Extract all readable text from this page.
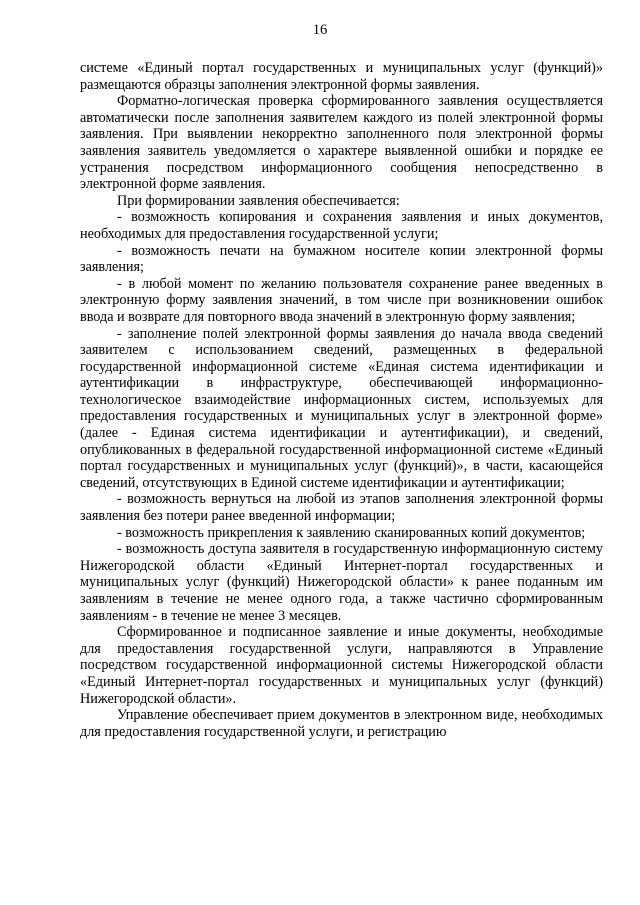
16

системе «Единый портал государственных и муниципальных услуг (функций)» размещаются образцы заполнения электронной формы заявления.

Форматно-логическая проверка сформированного заявления осуществляется автоматически после заполнения заявителем каждого из полей электронной формы заявления. При выявлении некорректно заполненного поля электронной формы заявления заявитель уведомляется о характере выявленной ошибки и порядке ее устранения посредством информационного сообщения непосредственно в электронной форме заявления.

При формировании заявления обеспечивается:

- возможность копирования и сохранения заявления и иных документов, необходимых для предоставления государственной услуги;

- возможность печати на бумажном носителе копии электронной формы заявления;

- в любой момент по желанию пользователя сохранение ранее введенных в электронную форму заявления значений, в том числе при возникновении ошибок ввода и возврате для повторного ввода значений в электронную форму заявления;

- заполнение полей электронной формы заявления до начала ввода сведений заявителем с использованием сведений, размещенных в федеральной государственной информационной системе «Единая система идентификации и аутентификации в инфраструктуре, обеспечивающей информационно-технологическое взаимодействие информационных систем, используемых для предоставления государственных и муниципальных услуг в электронной форме» (далее - Единая система идентификации и аутентификации), и сведений, опубликованных в федеральной государственной информационной системе «Единый портал государственных и муниципальных услуг (функций)», в части, касающейся сведений, отсутствующих в Единой системе идентификации и аутентификации;

- возможность вернуться на любой из этапов заполнения электронной формы заявления без потери ранее введенной информации;

- возможность прикрепления к заявлению сканированных копий документов;

- возможность доступа заявителя в государственную информационную систему Нижегородской области «Единый Интернет-портал государственных и муниципальных услуг (функций) Нижегородской области» к ранее поданным им заявлениям в течение не менее одного года, а также частично сформированным заявлениям - в течение не менее 3 месяцев.

Сформированное и подписанное заявление и иные документы, необходимые для предоставления государственной услуги, направляются в Управление посредством государственной информационной системы Нижегородской области «Единый Интернет-портал государственных и муниципальных услуг (функций) Нижегородской области».

Управление обеспечивает прием документов в электронном виде, необходимых для предоставления государственной услуги, и регистрацию
